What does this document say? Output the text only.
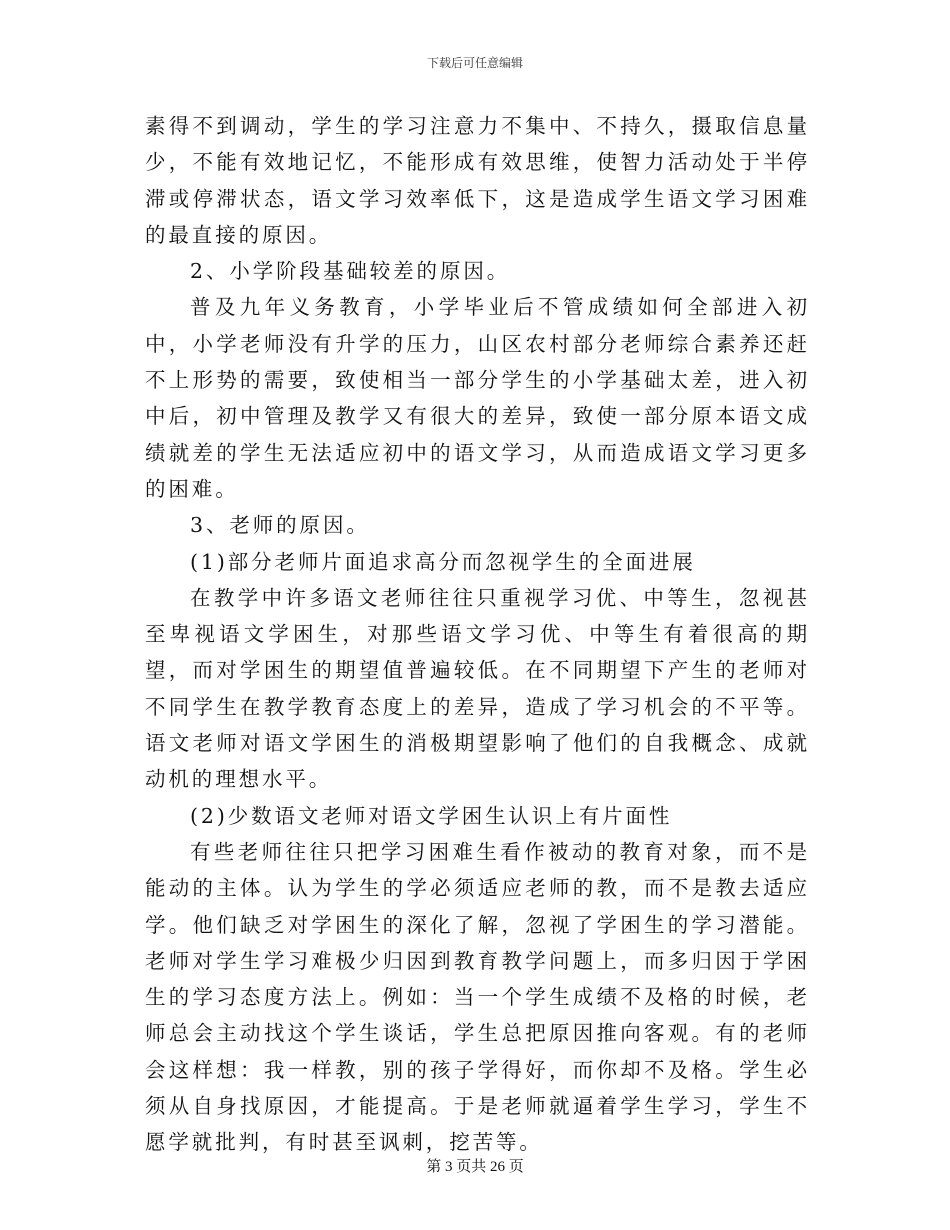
下载后可任意编辑

素得不到调动，学生的学习注意力不集中、不持久，摄取信息量少，不能有效地记忆，不能形成有效思维，使智力活动处于半停滞或停滞状态，语文学习效率低下，这是造成学生语文学习困难的最直接的原因。

2、小学阶段基础较差的原因。

普及九年义务教育，小学毕业后不管成绩如何全部进入初中，小学老师没有升学的压力，山区农村部分老师综合素养还赶不上形势的需要，致使相当一部分学生的小学基础太差，进入初中后，初中管理及教学又有很大的差异，致使一部分原本语文成绩就差的学生无法适应初中的语文学习，从而造成语文学习更多的困难。

3、老师的原因。

(1)部分老师片面追求高分而忽视学生的全面进展

在教学中许多语文老师往往只重视学习优、中等生，忽视甚至卑视语文学困生，对那些语文学习优、中等生有着很高的期望，而对学困生的期望值普遍较低。在不同期望下产生的老师对不同学生在教学教育态度上的差异，造成了学习机会的不平等。语文老师对语文学困生的消极期望影响了他们的自我概念、成就动机的理想水平。

(2)少数语文老师对语文学困生认识上有片面性

有些老师往往只把学习困难生看作被动的教育对象，而不是能动的主体。认为学生的学必须适应老师的教，而不是教去适应学。他们缺乏对学困生的深化了解，忽视了学困生的学习潜能。老师对学生学习难极少归因到教育教学问题上，而多归因于学困生的学习态度方法上。例如：当一个学生成绩不及格的时候，老师总会主动找这个学生谈话，学生总把原因推向客观。有的老师会这样想：我一样教，别的孩子学得好，而你却不及格。学生必须从自身找原因，才能提高。于是老师就逼着学生学习，学生不愿学就批判，有时甚至讽刺，挖苦等。

第 3 页共 26 页
